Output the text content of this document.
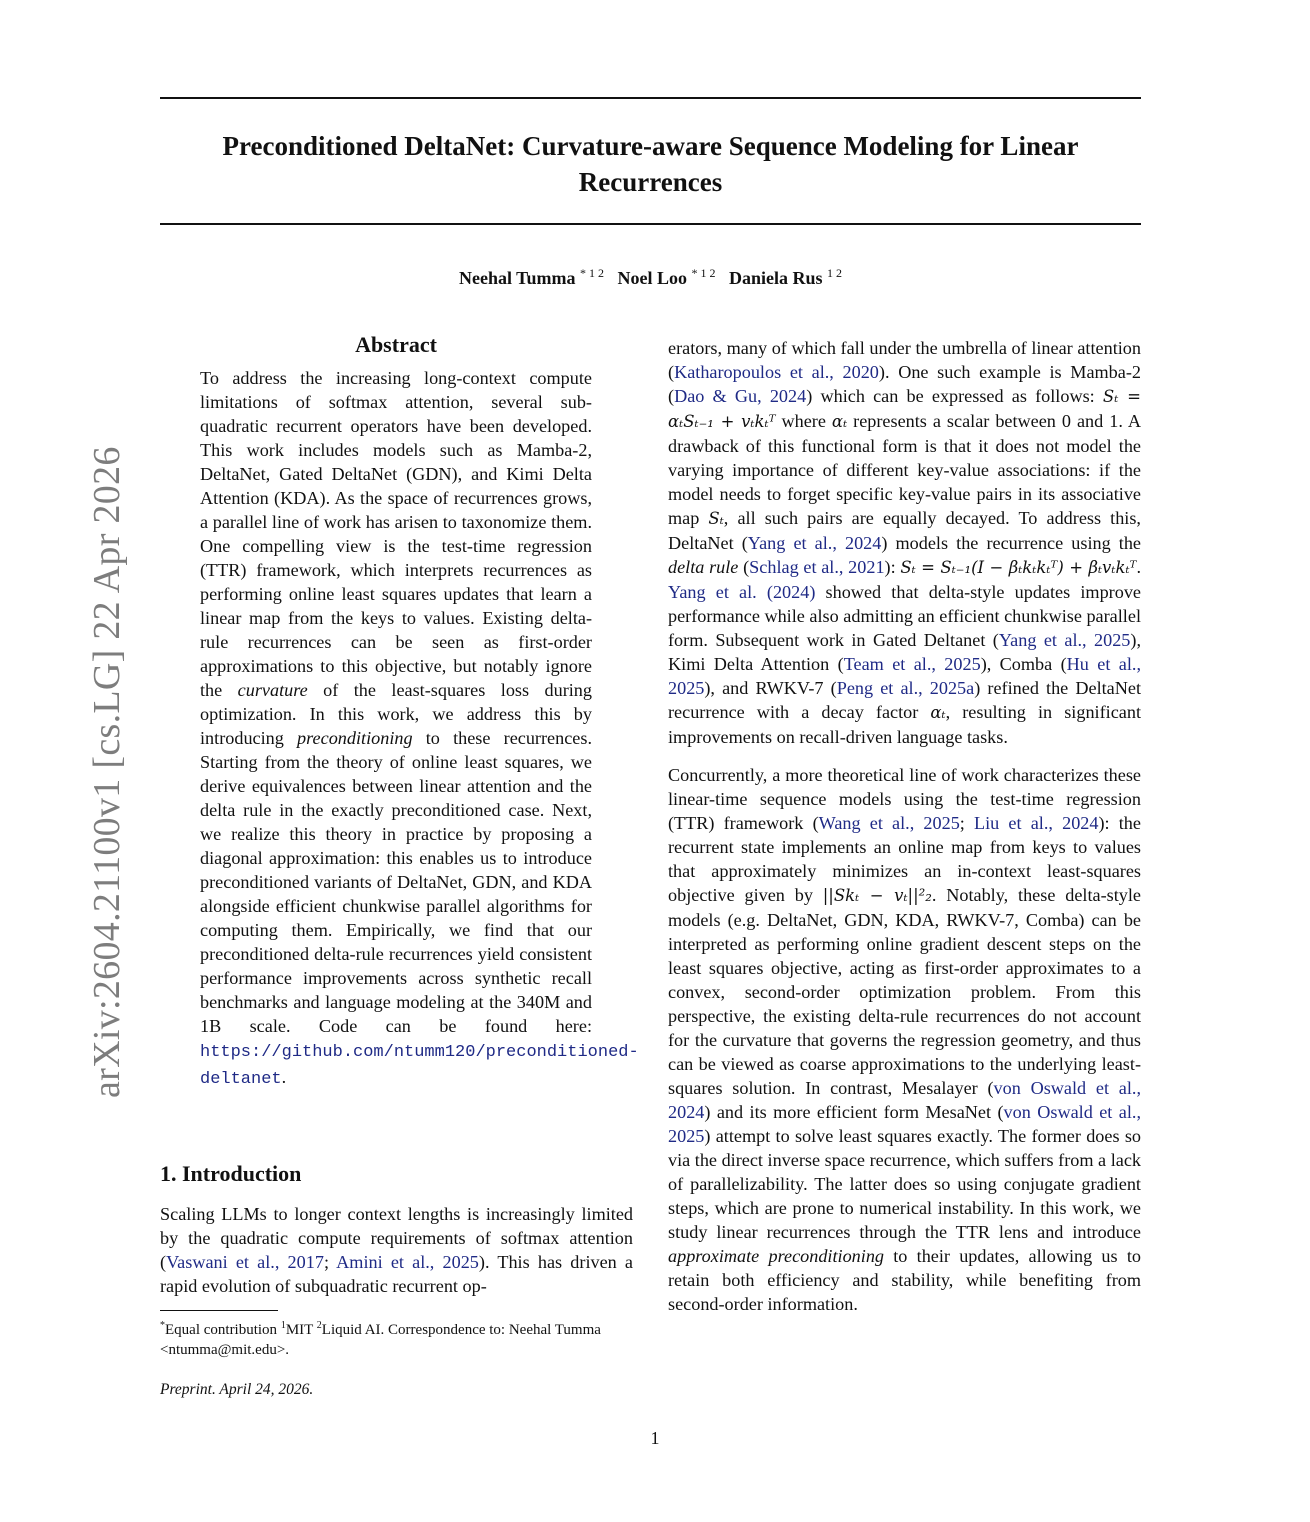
arXiv:2604.21100v1 [cs.LG] 22 Apr 2026
Preconditioned DeltaNet: Curvature-aware Sequence Modeling for Linear Recurrences
Neehal Tumma $^{* 1 2}$ Noel Loo $^{* 1 2}$ Daniela Rus $^{1 2}$
Abstract

To address the increasing long-context compute limitations of softmax attention, several sub-quadratic recurrent operators have been developed. This work includes models such as Mamba-2, DeltaNet, Gated DeltaNet (GDN), and Kimi Delta Attention (KDA). As the space of recurrences grows, a parallel line of work has arisen to taxonomize them. One compelling view is the test-time regression (TTR) framework, which interprets recurrences as performing online least squares updates that learn a linear map from the keys to values. Existing delta-rule recurrences can be seen as first-order approximations to this objective, but notably ignore the curvature of the least-squares loss during optimization. In this work, we address this by introducing preconditioning to these recurrences. Starting from the theory of online least squares, we derive equivalences between linear attention and the delta rule in the exactly preconditioned case. Next, we realize this theory in practice by proposing a diagonal approximation: this enables us to introduce preconditioned variants of DeltaNet, GDN, and KDA alongside efficient chunkwise parallel algorithms for computing them. Empirically, we find that our preconditioned delta-rule recurrences yield consistent performance improvements across synthetic recall benchmarks and language modeling at the 340M and 1B scale. Code can be found here: https://github.com/ntumm120/preconditioned-deltanet.

1. Introduction

Scaling LLMs to longer context lengths is increasingly limited by the quadratic compute requirements of softmax attention (Vaswani et al., 2017; Amini et al., 2025). This has driven a rapid evolution of subquadratic recurrent op-

erators, many of which fall under the umbrella of linear attention (Katharopoulos et al., 2020). One such example is Mamba-2 (Dao & Gu, 2024) which can be expressed as follows: Sₜ = αₜSₜ₋₁ + vₜkₜᵀ where αₜ represents a scalar between 0 and 1. A drawback of this functional form is that it does not model the varying importance of different key-value associations: if the model needs to forget specific key-value pairs in its associative map Sₜ, all such pairs are equally decayed. To address this, DeltaNet (Yang et al., 2024) models the recurrence using the delta rule (Schlag et al., 2021): Sₜ = Sₜ₋₁(I − βₜkₜkₜᵀ) + βₜvₜkₜᵀ. Yang et al. (2024) showed that delta-style updates improve performance while also admitting an efficient chunkwise parallel form. Subsequent work in Gated Deltanet (Yang et al., 2025), Kimi Delta Attention (Team et al., 2025), Comba (Hu et al., 2025), and RWKV-7 (Peng et al., 2025a) refined the DeltaNet recurrence with a decay factor αₜ, resulting in significant improvements on recall-driven language tasks.

Concurrently, a more theoretical line of work characterizes these linear-time sequence models using the test-time regression (TTR) framework (Wang et al., 2025; Liu et al., 2024): the recurrent state implements an online map from keys to values that approximately minimizes an in-context least-squares objective given by ||Skₜ − vₜ||²₂. Notably, these delta-style models (e.g. DeltaNet, GDN, KDA, RWKV-7, Comba) can be interpreted as performing online gradient descent steps on the least squares objective, acting as first-order approximates to a convex, second-order optimization problem. From this perspective, the existing delta-rule recurrences do not account for the curvature that governs the regression geometry, and thus can be viewed as coarse approximations to the underlying least-squares solution. In contrast, Mesalayer (von Oswald et al., 2024) and its more efficient form MesaNet (von Oswald et al., 2025) attempt to solve least squares exactly. The former does so via the direct inverse space recurrence, which suffers from a lack of parallelizability. The latter does so using conjugate gradient steps, which are prone to numerical instability. In this work, we study linear recurrences through the TTR lens and introduce approximate preconditioning to their updates, allowing us to retain both efficiency and stability, while benefiting from second-order information.

*Equal contribution $^1$MIT $^2$Liquid AI. Correspondence to: Neehal Tumma <ntumma@mit.edu>.
Preprint. April 24, 2026.
1
